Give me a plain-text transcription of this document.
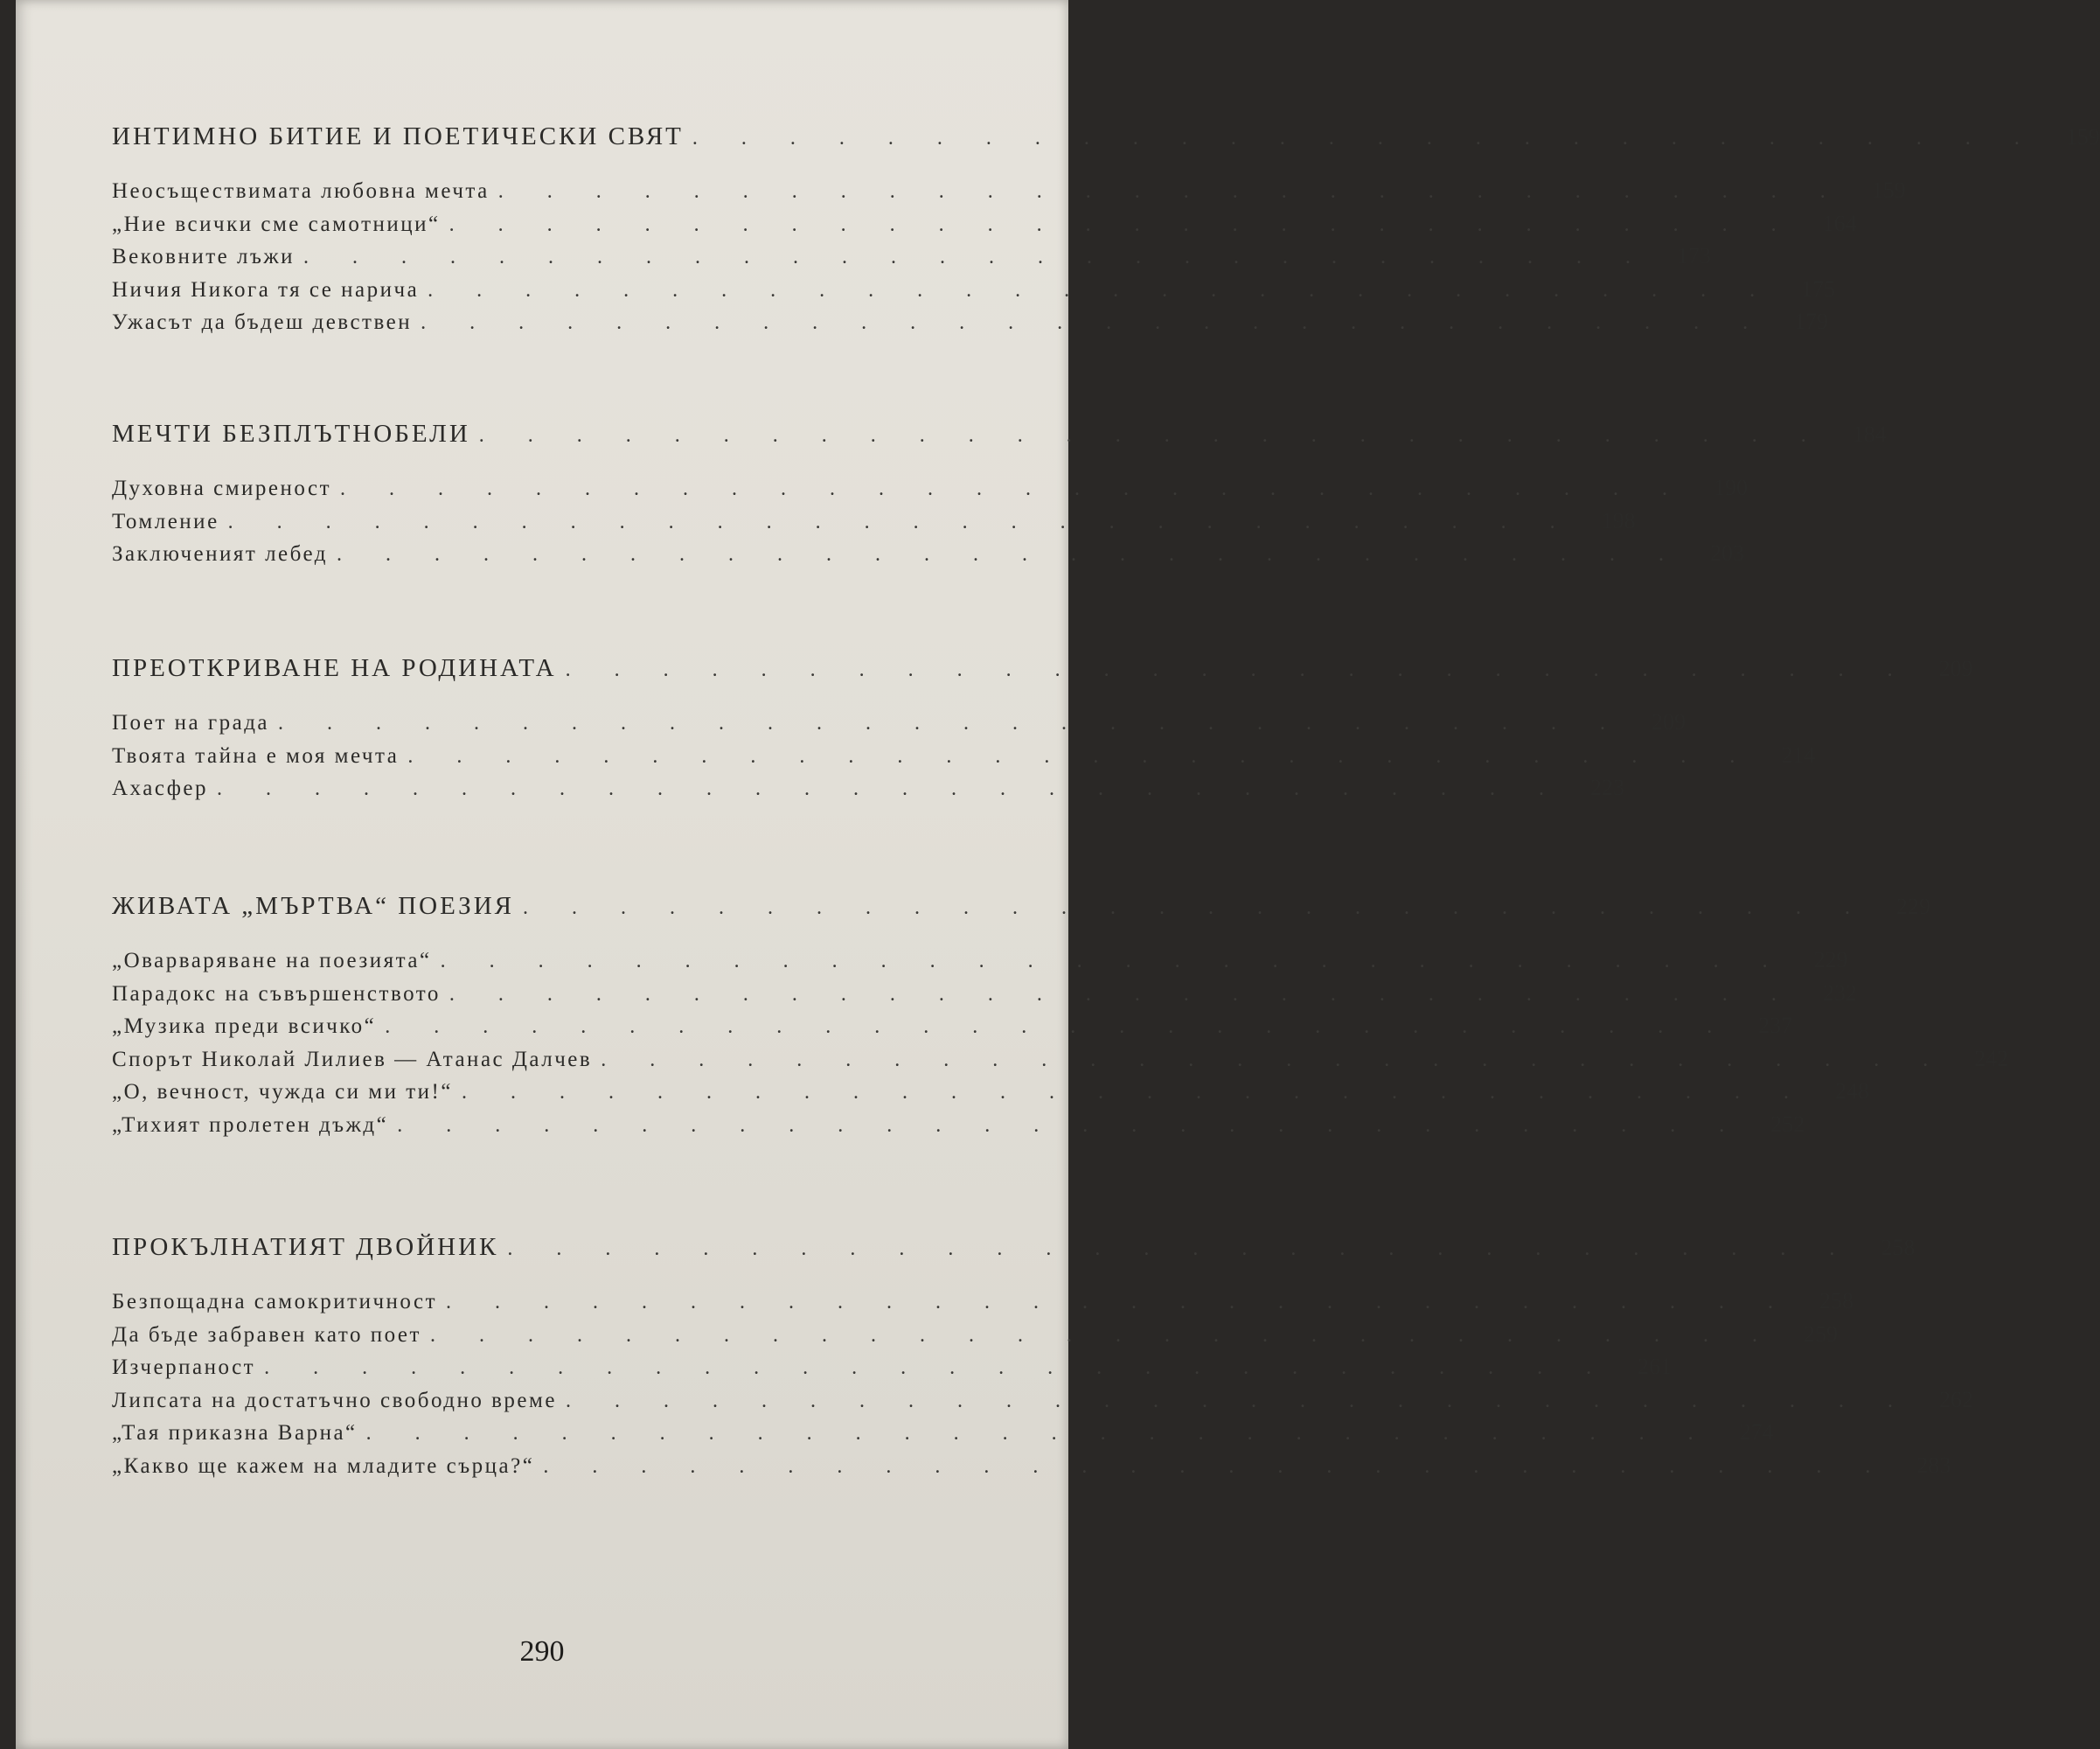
ИНТИМНО БИТИЕ И ПОЕТИЧЕСКИ СВЯТ . . . . . . . . . . . . . . . . . . . . . . . . . . . .	159
Неосъществимата любовна мечта . . . . . . . . . . . . . . . . . . . . . . . . . . . .	159
„Ние всички сме самотници“ . . . . . . . . . . . . . . . . . . . . . . . . . . . .	164
Вековните лъжи . . . . . . . . . . . . . . . . . . . . . . . . . . . .	173
Ничия Никога тя се нарича . . . . . . . . . . . . . . . . . . . . . . . . . . . .	175
Ужасът да бъдеш девствен . . . . . . . . . . . . . . . . . . . . . . . . . . . .	179
МЕЧТИ БЕЗПЛЪТНОБЕЛИ . . . . . . . . . . . . . . . . . . . . . . . . . . . .	184
Духовна смиреност . . . . . . . . . . . . . . . . . . . . . . . . . . . .	190
Томление . . . . . . . . . . . . . . . . . . . . . . . . . . . .	198
Заключеният лебед . . . . . . . . . . . . . . . . . . . . . . . . . . . .	203
ПРЕОТКРИВАНЕ НА РОДИНАТА . . . . . . . . . . . . . . . . . . . . . . . . . . . .	209
Поет на града . . . . . . . . . . . . . . . . . . . . . . . . . . . .	209
Твоята тайна е моя мечта . . . . . . . . . . . . . . . . . . . . . . . . . . . .	214
Ахасфер . . . . . . . . . . . . . . . . . . . . . . . . . . . .	223
ЖИВАТА „МЪРТВА“ ПОЕЗИЯ . . . . . . . . . . . . . . . . . . . . . . . . . . . .	229
„Оварваряване на поезията“ . . . . . . . . . . . . . . . . . . . . . . . . . . . .	229
Парадокс на съвършенството . . . . . . . . . . . . . . . . . . . . . . . . . . . .	232
„Музика преди всичко“ . . . . . . . . . . . . . . . . . . . . . . . . . . . .	237
Спорът Николай Лилиев — Атанас Далчев . . . . . . . . . . . . . . . . . . . . . . . . . . . .	242
„О, вечност, чужда си ми ти!“ . . . . . . . . . . . . . . . . . . . . . . . . . . . .	248
„Тихият пролетен дъжд“ . . . . . . . . . . . . . . . . . . . . . . . . . . . .	252
ПРОКЪЛНАТИЯТ ДВОЙНИК . . . . . . . . . . . . . . . . . . . . . . . . . . . .	258
Безпощадна самокритичност . . . . . . . . . . . . . . . . . . . . . . . . . . . .	258
Да бъде забравен като поет . . . . . . . . . . . . . . . . . . . . . . . . . . . .	259
Изчерпаност . . . . . . . . . . . . . . . . . . . . . . . . . . . .	261
Липсата на достатъчно свободно време . . . . . . . . . . . . . . . . . . . . . . . . . . . .	262
„Тая приказна Варна“ . . . . . . . . . . . . . . . . . . . . . . . . . . . .	274
„Какво ще кажем на младите сърца?“ . . . . . . . . . . . . . . . . . . . . . . . . . . . .	283
290
